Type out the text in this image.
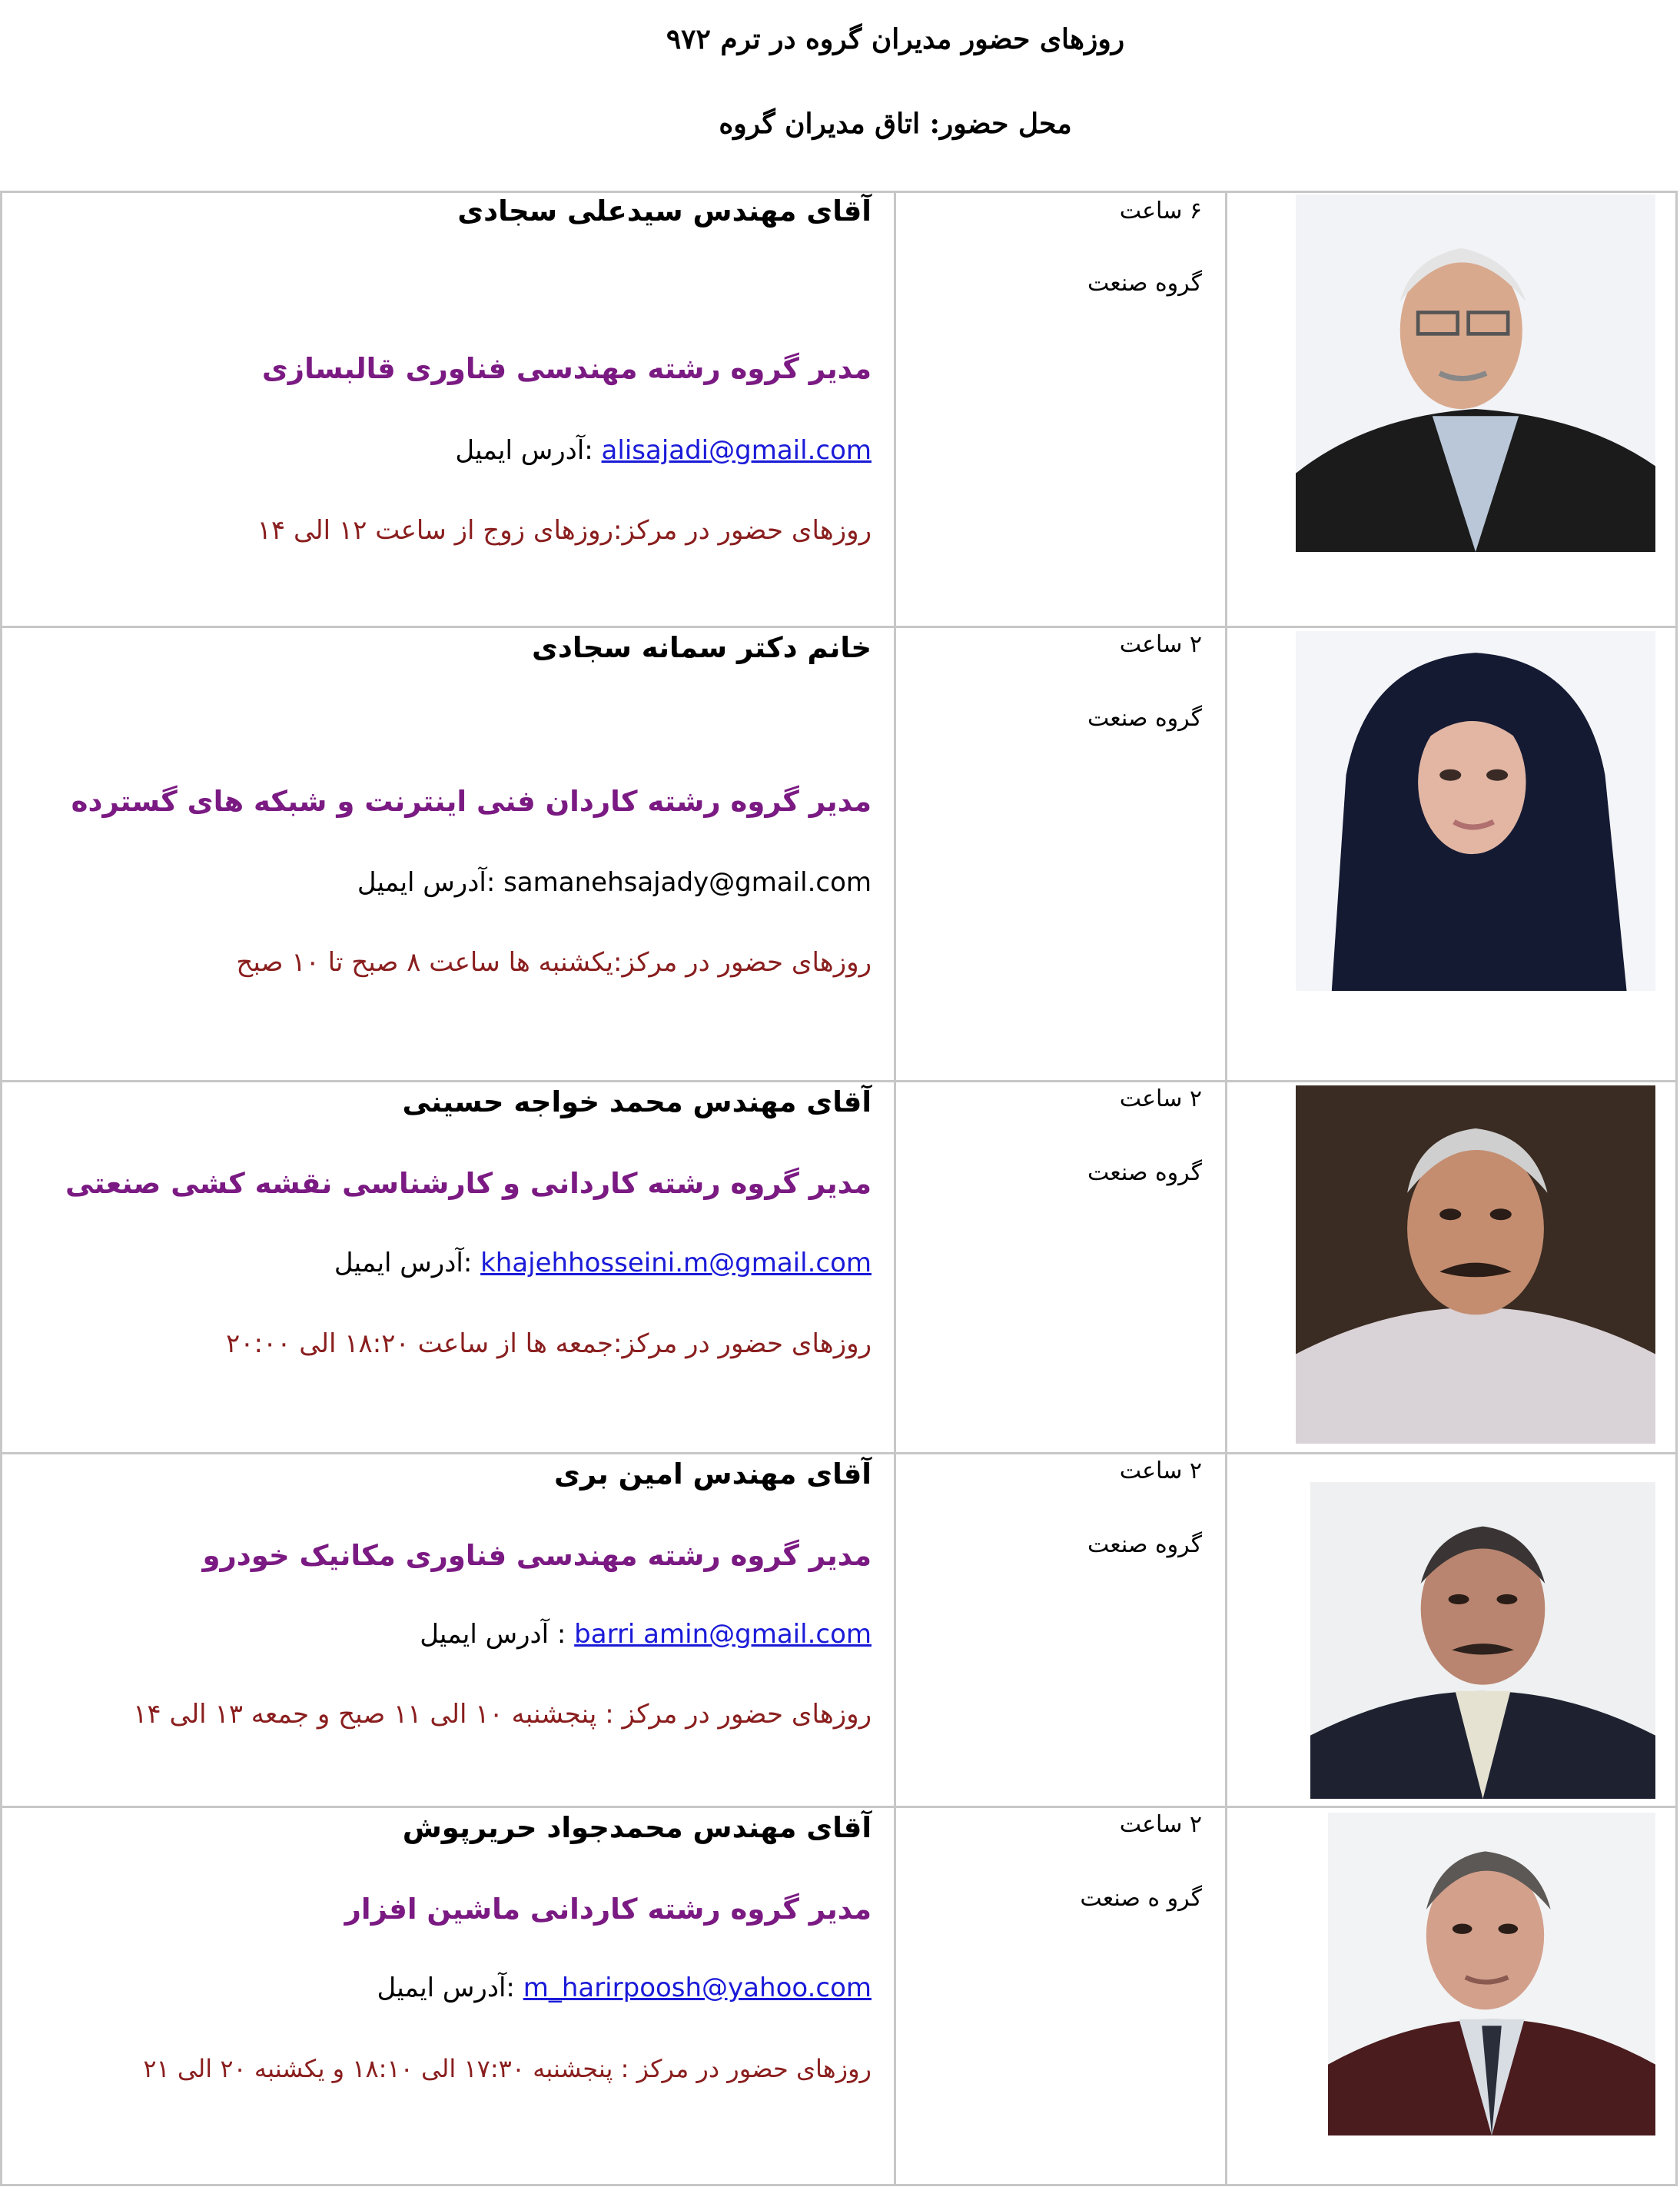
روزهای حضور مدیران گروه در ترم ۹۷۲
محل حضور: اتاق مدیران گروه
آقای مهندس سیدعلی سجادی
مدیر گروه رشته مهندسی فناوری قالبسازی
alisajadi@gmail.com :آدرس ایمیل
روزهای حضور در مرکز:روزهای زوج از ساعت ۱۲ الی ۱۴
۶ ساعت
گروه صنعت
خانم دکتر سمانه سجادی
مدیر گروه رشته کاردان فنی اینترنت و شبکه های گسترده
samanehsajady@gmail.com :آدرس ایمیل
روزهای حضور در مرکز:یکشنبه ها ساعت ۸ صبح تا ۱۰ صبح
۲ ساعت
گروه صنعت
آقای مهندس محمد خواجه حسینی
مدیر گروه رشته کاردانی و کارشناسی نقشه کشی صنعتی
khajehhosseini.m@gmail.com :آدرس ایمیل
روزهای حضور در مرکز:جمعه ها از ساعت ۱۸:۲۰ الی ۲۰:۰۰
۲ ساعت
گروه صنعت
آقای مهندس امین بری
مدیر گروه رشته مهندسی فناوری مکانیک خودرو
barri amin@gmail.com : آدرس ایمیل
روزهای حضور در مرکز : پنجشنبه ۱۰ الی ۱۱ صبح و جمعه ۱۳ الی ۱۴
۲ ساعت
گروه صنعت
آقای مهندس محمدجواد حریرپوش
مدیر گروه رشته کاردانی ماشین افزار
m_harirpoosh@yahoo.com :آدرس ایمیل
روزهای حضور در مرکز : پنجشنبه ۱۷:۳۰ الی ۱۸:۱۰ و یکشنبه ۲۰ الی ۲۱
۲ ساعت
گرو ه صنعت
